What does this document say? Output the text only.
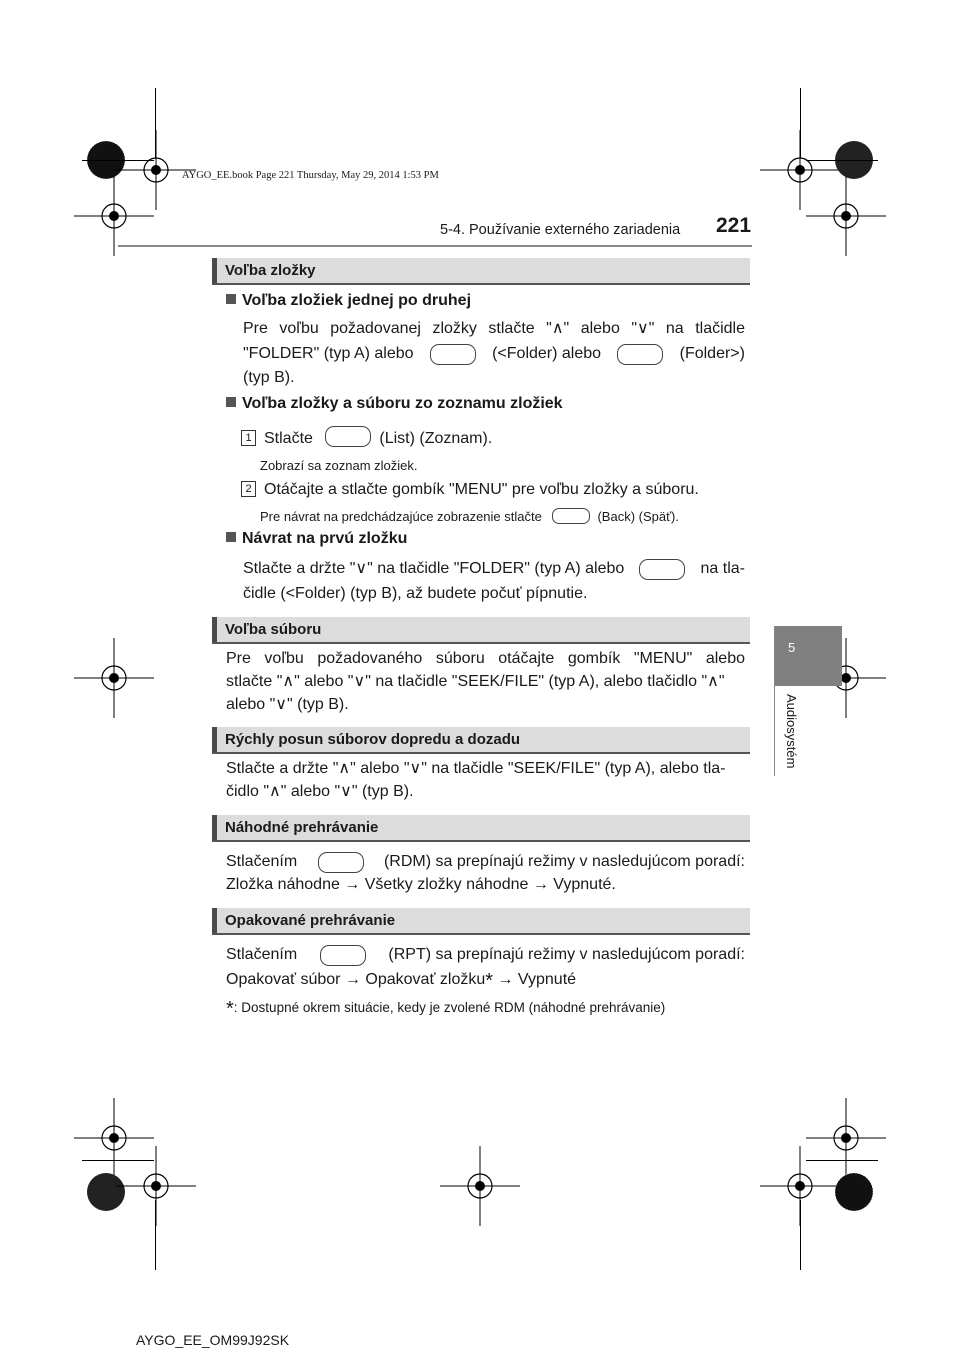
AYGO_EE.book Page 221 Thursday, May 29, 2014 1:53 PM
5-4. Používanie externého zariadenia 221
5
Audiosystém
Voľba zložky
Voľba zložiek jednej po druhej
Pre voľbu požadovanej zložky stlačte "∧" alebo "∨" na tlačidle
"FOLDER" (typ A) alebo	(<Folder) alebo	(Folder>)
(typ B).
Voľba zložky a súboru zo zoznamu zložiek
1 Stlačte	(List) (Zoznam).
Zobrazí sa zoznam zložiek.
2 Otáčajte a stlačte gombík "MENU" pre voľbu zložky a súboru.
Pre návrat na predchádzajúce zobrazenie stlačte	(Back) (Späť).
Návrat na prvú zložku
Stlačte a držte "∨" na tlačidle "FOLDER" (typ A) alebo	na tla-
čidle (<Folder) (typ B), až budete počuť pípnutie.
Voľba súboru
Pre voľbu požadovaného súboru otáčajte gombík "MENU" alebo
stlačte "∧" alebo "∨" na tlačidle "SEEK/FILE" (typ A), alebo tlačidlo "∧"
alebo "∨" (typ B).
Rýchly posun súborov dopredu a dozadu
Stlačte a držte "∧" alebo "∨" na tlačidle "SEEK/FILE" (typ A), alebo tla-
čidlo "∧" alebo "∨" (typ B).
Náhodné prehrávanie
Stlačením	(RDM) sa prepínajú režimy v nasledujúcom poradí:
Zložka náhodne → Všetky zložky náhodne → Vypnuté.
Opakované prehrávanie
Stlačením	(RPT) sa prepínajú režimy v nasledujúcom poradí:
Opakovať súbor → Opakovať zložku* → Vypnuté
*: Dostupné okrem situácie, kedy je zvolené RDM (náhodné prehrávanie)
AYGO_EE_OM99J92SK
